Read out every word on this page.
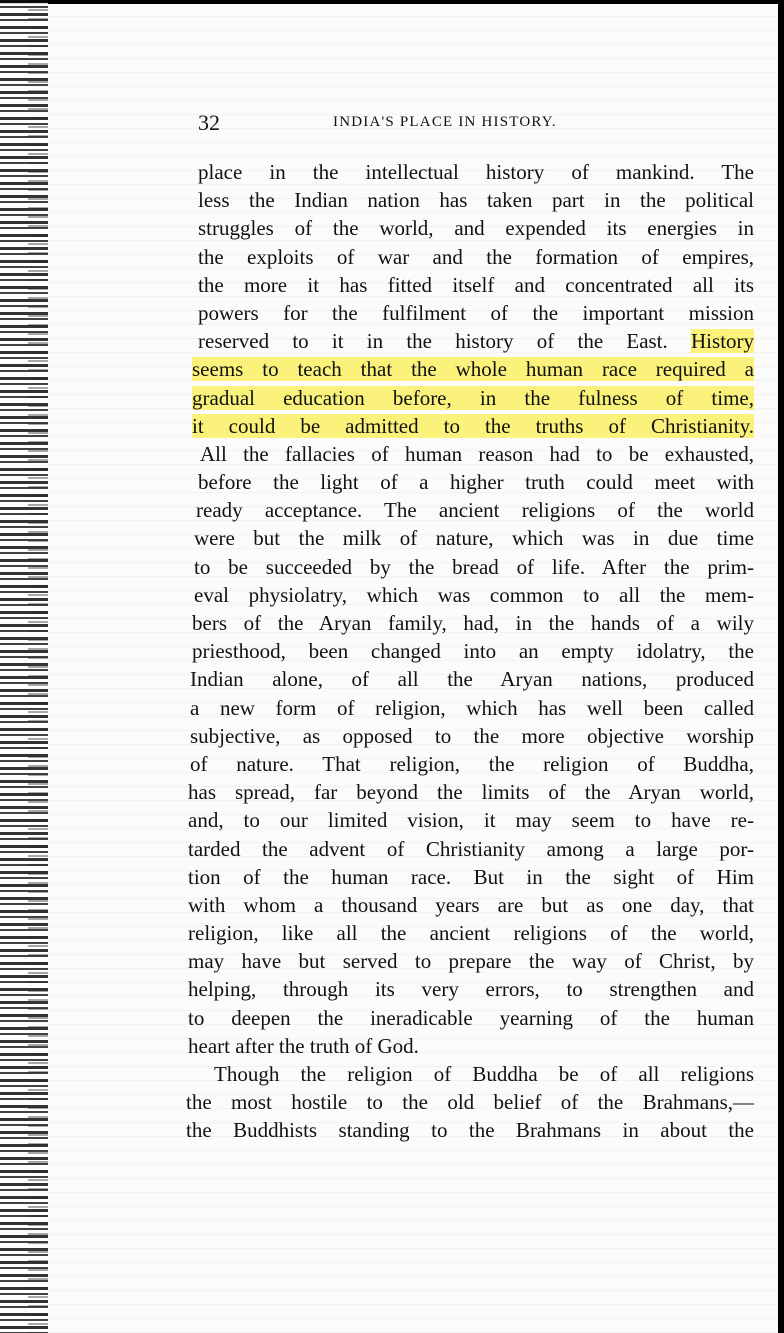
32	INDIA'S PLACE IN HISTORY.
place in the intellectual history of mankind. The
less the Indian nation has taken part in the political
struggles of the world, and expended its energies in
the exploits of war and the formation of empires,
the more it has fitted itself and concentrated all its
powers for the fulfilment of the important mission
reserved to it in the history of the East. History
seems to teach that the whole human race required a
gradual education before, in the fulness of time,
it could be admitted to the truths of Christianity.
All the fallacies of human reason had to be exhausted,
before the light of a higher truth could meet with
ready acceptance. The ancient religions of the world
were but the milk of nature, which was in due time
to be succeeded by the bread of life. After the prim-
eval physiolatry, which was common to all the mem-
bers of the Aryan family, had, in the hands of a wily
priesthood, been changed into an empty idolatry, the
Indian alone, of all the Aryan nations, produced
a new form of religion, which has well been called
subjective, as opposed to the more objective worship
of nature. That religion, the religion of Buddha,
has spread, far beyond the limits of the Aryan world,
and, to our limited vision, it may seem to have re-
tarded the advent of Christianity among a large por-
tion of the human race. But in the sight of Him
with whom a thousand years are but as one day, that
religion, like all the ancient religions of the world,
may have but served to prepare the way of Christ, by
helping, through its very errors, to strengthen and
to deepen the ineradicable yearning of the human
heart after the truth of God.
Though the religion of Buddha be of all religions
the most hostile to the old belief of the Brahmans,—
the Buddhists standing to the Brahmans in about the
